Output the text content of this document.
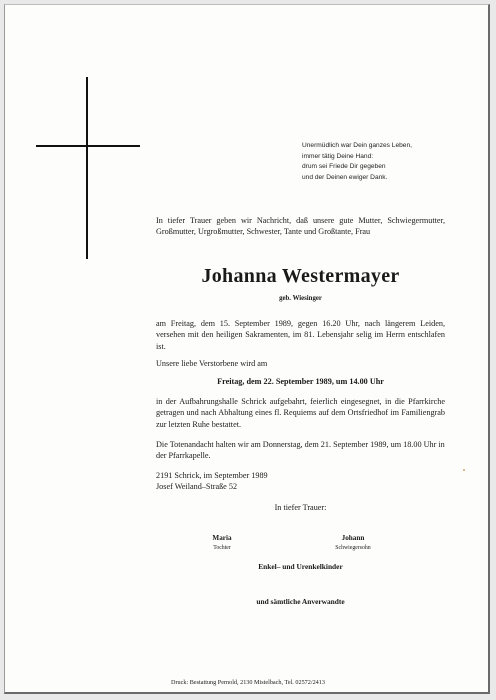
Unermüdlich war Dein ganzes Leben,
immer tätig Deine Hand:
drum sei Friede Dir gegeben
und der Deinen ewiger Dank.
In tiefer Trauer geben wir Nachricht, daß unsere gute Mutter, Schwiegermutter, Großmutter, Urgroßmutter, Schwester, Tante und Großtante, Frau
Johanna Westermayer
geb. Wiesinger
am Freitag, dem 15. September 1989, gegen 16.20 Uhr, nach längerem Leiden, versehen mit den heiligen Sakramenten, im 81. Lebensjahr selig im Herrn entschlafen ist.
Unsere liebe Verstorbene wird am
Freitag, dem 22. September 1989, um 14.00 Uhr
in der Aufbahrungshalle Schrick aufgebahrt, feierlich eingesegnet, in die Pfarrkirche getragen und nach Abhaltung eines fl. Requiems auf dem Ortsfriedhof im Familiengrab zur letzten Ruhe bestattet.
Die Totenandacht halten wir am Donnerstag, dem 21. September 1989, um 18.00 Uhr in der Pfarrkapelle.
2191 Schrick, im September 1989
Josef Weiland–Straße 52
In tiefer Trauer:
Maria
Tochter
Johann
Schwiegersohn
Enkel– und Urenkelkinder
und sämtliche Anverwandte
Druck: Bestattung Pernold, 2130 Mistelbach, Tel. 02572/2413
